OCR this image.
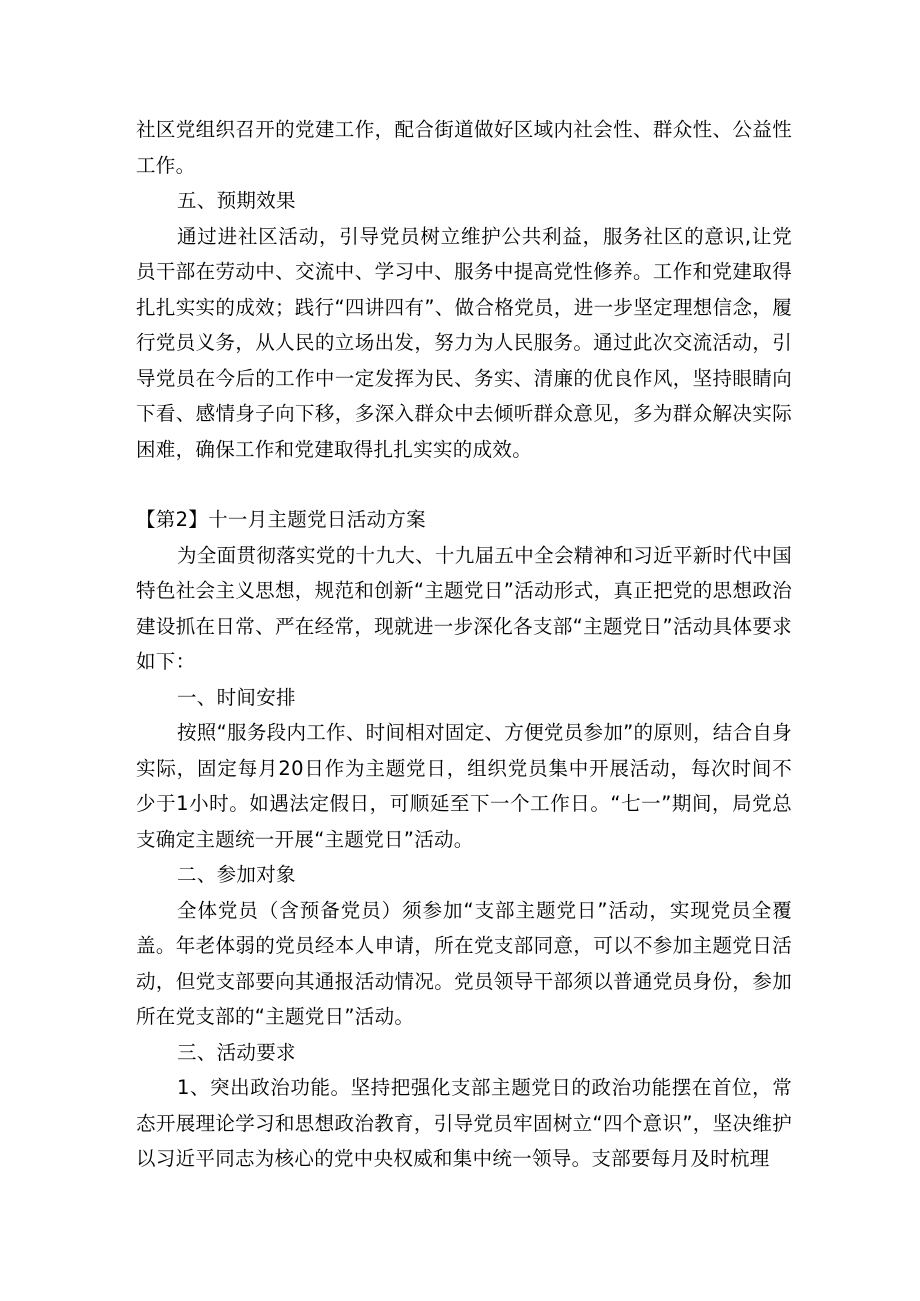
社区党组织召开的党建工作，配合街道做好区域内社会性、群众性、公益性工作。

五、预期效果

通过进社区活动，引导党员树立维护公共利益，服务社区的意识,让党员干部在劳动中、交流中、学习中、服务中提高党性修养。工作和党建取得扎扎实实的成效；践行“四讲四有”、做合格党员，进一步坚定理想信念，履行党员义务，从人民的立场出发，努力为人民服务。通过此次交流活动，引导党员在今后的工作中一定发挥为民、务实、清廉的优良作风，坚持眼睛向下看、感情身子向下移，多深入群众中去倾听群众意见，多为群众解决实际困难，确保工作和党建取得扎扎实实的成效。

【第2】十一月主题党日活动方案

为全面贯彻落实党的十九大、十九届五中全会精神和习近平新时代中国特色社会主义思想，规范和创新“主题党日”活动形式，真正把党的思想政治建设抓在日常、严在经常，现就进一步深化各支部“主题党日”活动具体要求如下：

一、时间安排

按照“服务段内工作、时间相对固定、方便党员参加”的原则，结合自身实际，固定每月20日作为主题党日，组织党员集中开展活动，每次时间不少于1小时。如遇法定假日，可顺延至下一个工作日。“七一”期间，局党总支确定主题统一开展“主题党日”活动。

二、参加对象

全体党员（含预备党员）须参加“支部主题党日”活动，实现党员全覆盖。年老体弱的党员经本人申请，所在党支部同意，可以不参加主题党日活动，但党支部要向其通报活动情况。党员领导干部须以普通党员身份，参加所在党支部的“主题党日”活动。

三、活动要求

1、突出政治功能。坚持把强化支部主题党日的政治功能摆在首位，常态开展理论学习和思想政治教育，引导党员牢固树立“四个意识”，坚决维护以习近平同志为核心的党中央权威和集中统一领导。支部要每月及时杭理
